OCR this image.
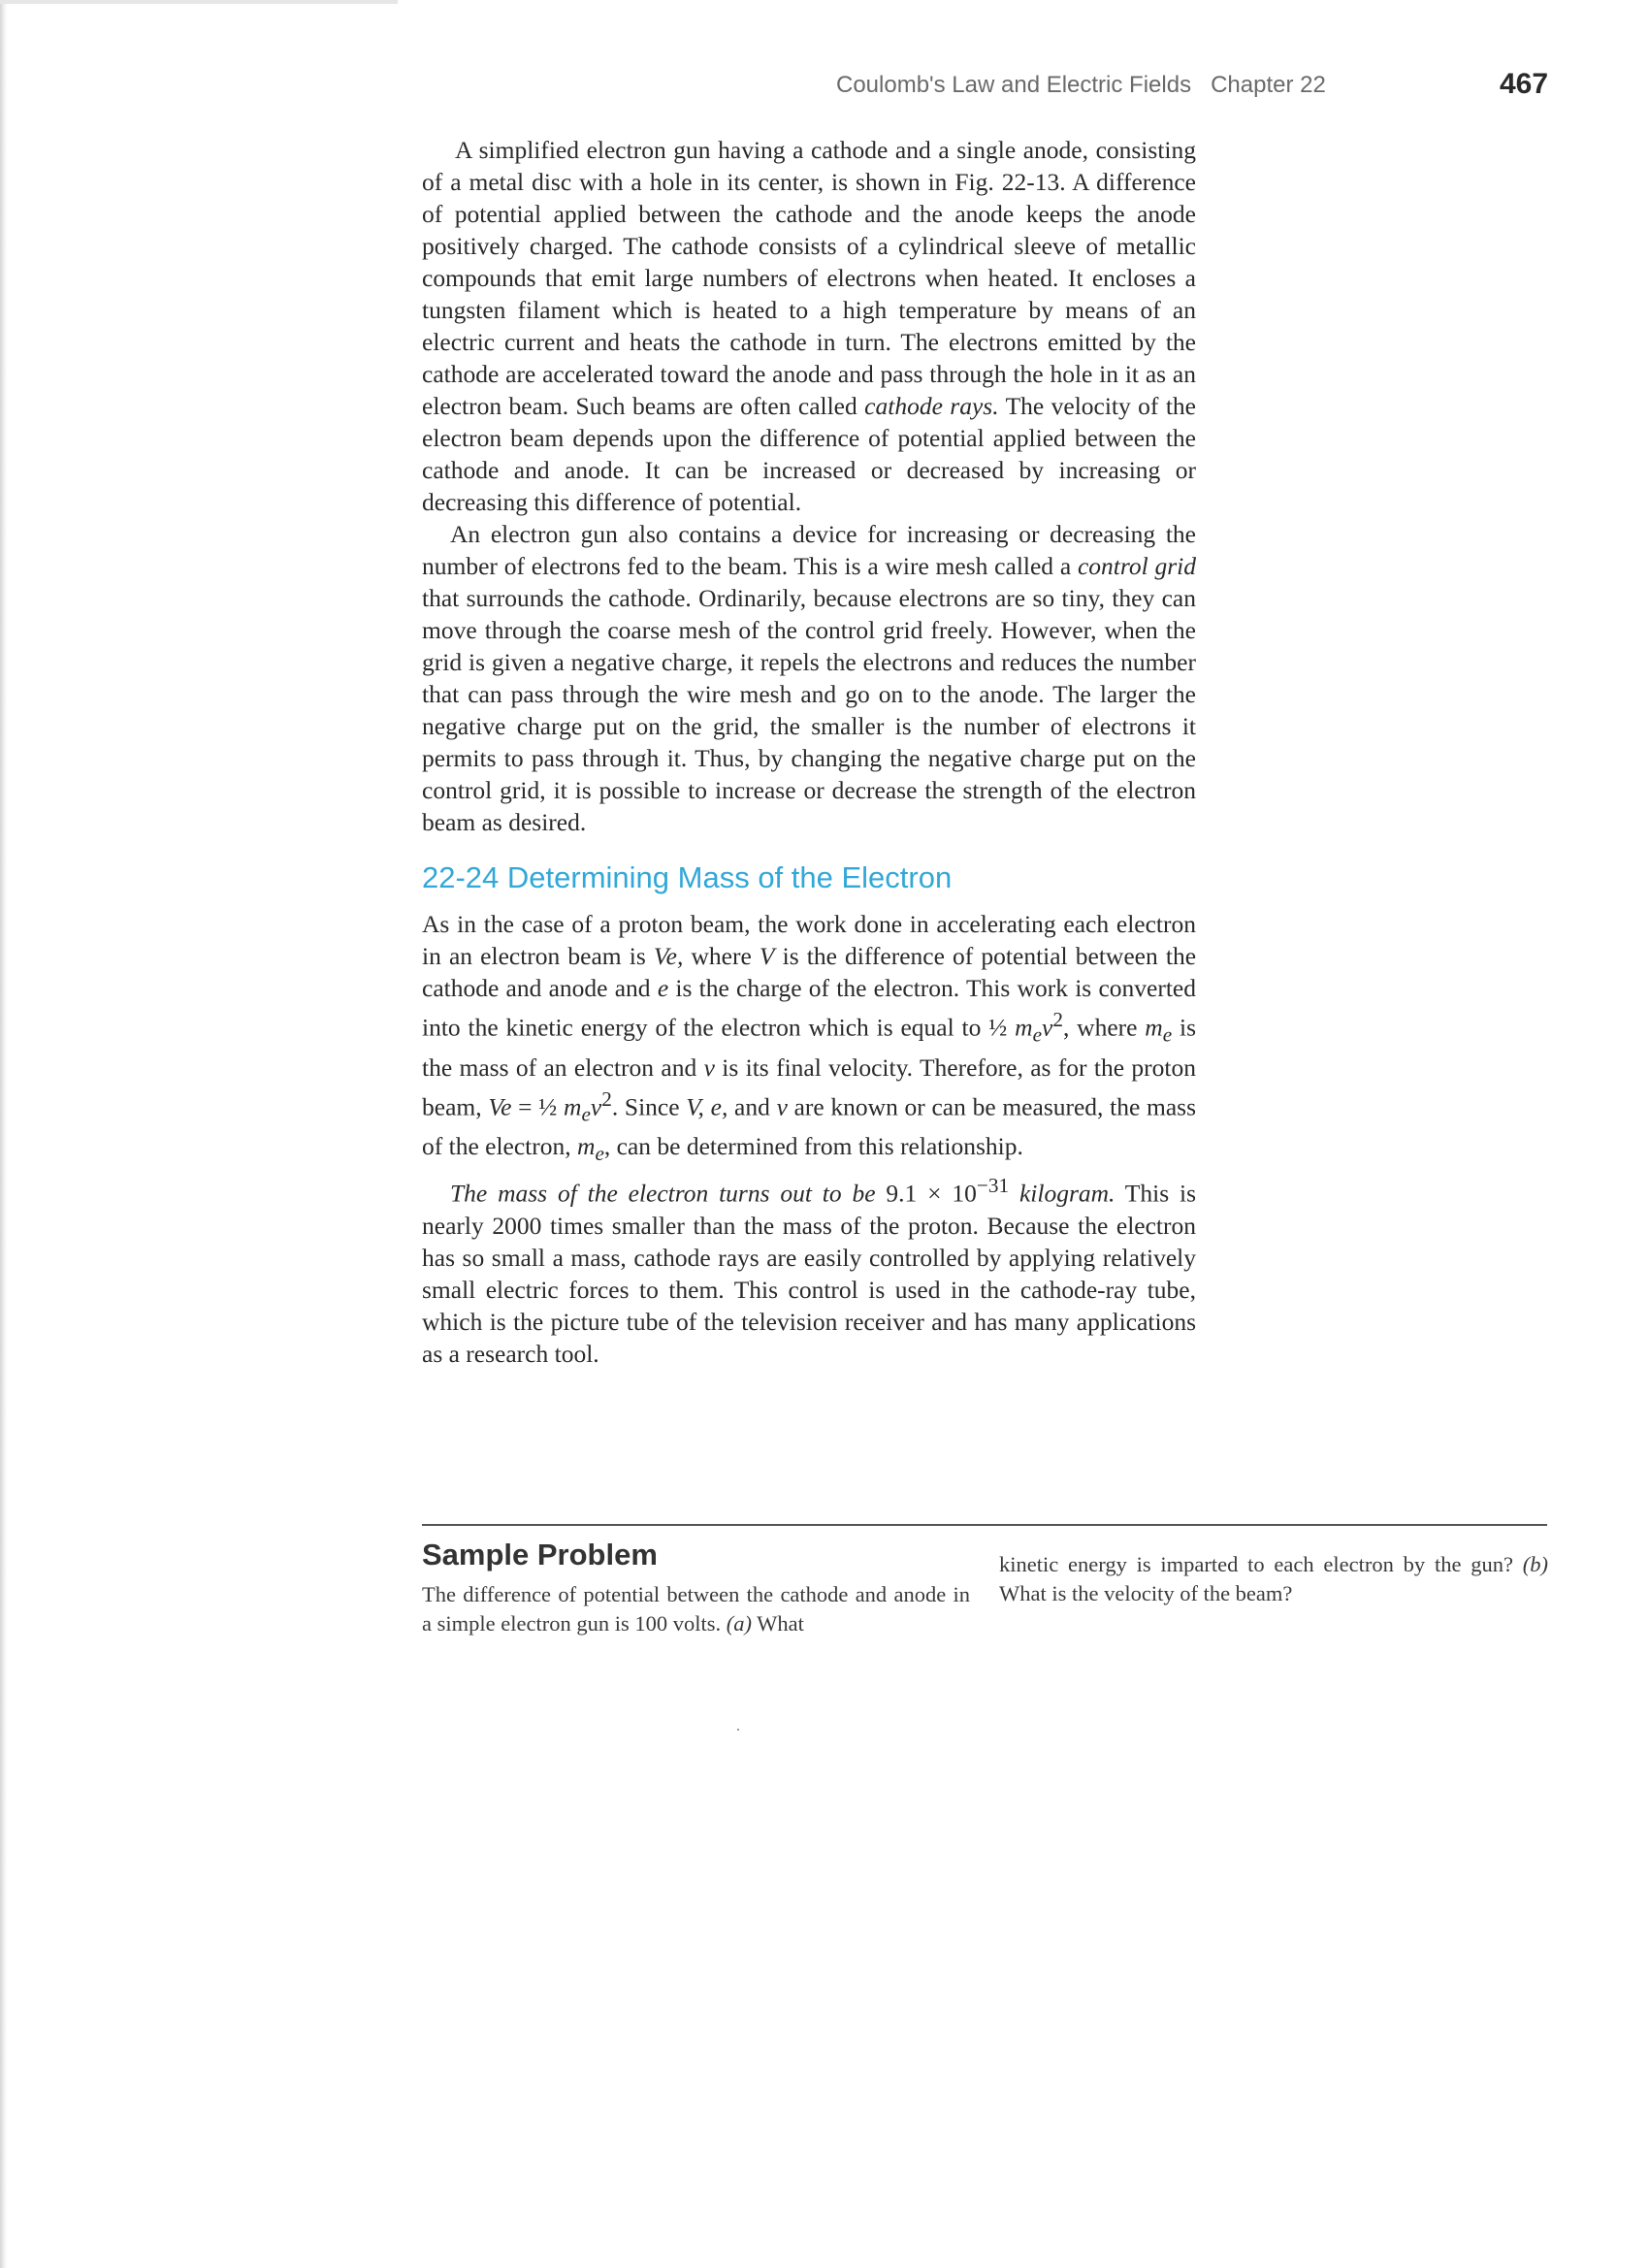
Coulomb's Law and Electric Fields Chapter 22	467

A simplified electron gun having a cathode and a single anode, consisting of a metal disc with a hole in its center, is shown in Fig. 22-13. A difference of potential applied between the cathode and the anode keeps the anode positively charged. The cathode consists of a cylindrical sleeve of metallic compounds that emit large numbers of electrons when heated. It encloses a tungsten filament which is heated to a high temperature by means of an electric current and heats the cathode in turn. The electrons emitted by the cathode are accelerated toward the anode and pass through the hole in it as an electron beam. Such beams are often called cathode rays. The velocity of the electron beam depends upon the difference of potential applied between the cathode and anode. It can be increased or decreased by increasing or decreasing this difference of potential.

An electron gun also contains a device for increasing or decreasing the number of electrons fed to the beam. This is a wire mesh called a control grid that surrounds the cathode. Ordinarily, because electrons are so tiny, they can move through the coarse mesh of the control grid freely. However, when the grid is given a negative charge, it repels the electrons and reduces the number that can pass through the wire mesh and go on to the anode. The larger the negative charge put on the grid, the smaller is the number of electrons it permits to pass through it. Thus, by changing the negative charge put on the control grid, it is possible to increase or decrease the strength of the electron beam as desired.

22-24 Determining Mass of the Electron

As in the case of a proton beam, the work done in accelerating each electron in an electron beam is Ve, where V is the difference of potential between the cathode and anode and e is the charge of the electron. This work is converted into the kinetic energy of the electron which is equal to ½ $m_ev^2$, where $m_e$ is the mass of an electron and v is its final velocity. Therefore, as for the proton beam, Ve = ½ $m_ev^2$. Since V, e, and v are known or can be measured, the mass of the electron, $m_e$, can be determined from this relationship.

The mass of the electron turns out to be $9.1 \times 10^{-31}$ kilogram. This is nearly 2000 times smaller than the mass of the proton. Because the electron has so small a mass, cathode rays are easily controlled by applying relatively small electric forces to them. This control is used in the cathode-ray tube, which is the picture tube of the television receiver and has many applications as a research tool.

Sample Problem
The difference of potential between the cathode and anode in a simple electron gun is 100 volts. (a) What
kinetic energy is imparted to each electron by the gun? (b) What is the velocity of the beam?
